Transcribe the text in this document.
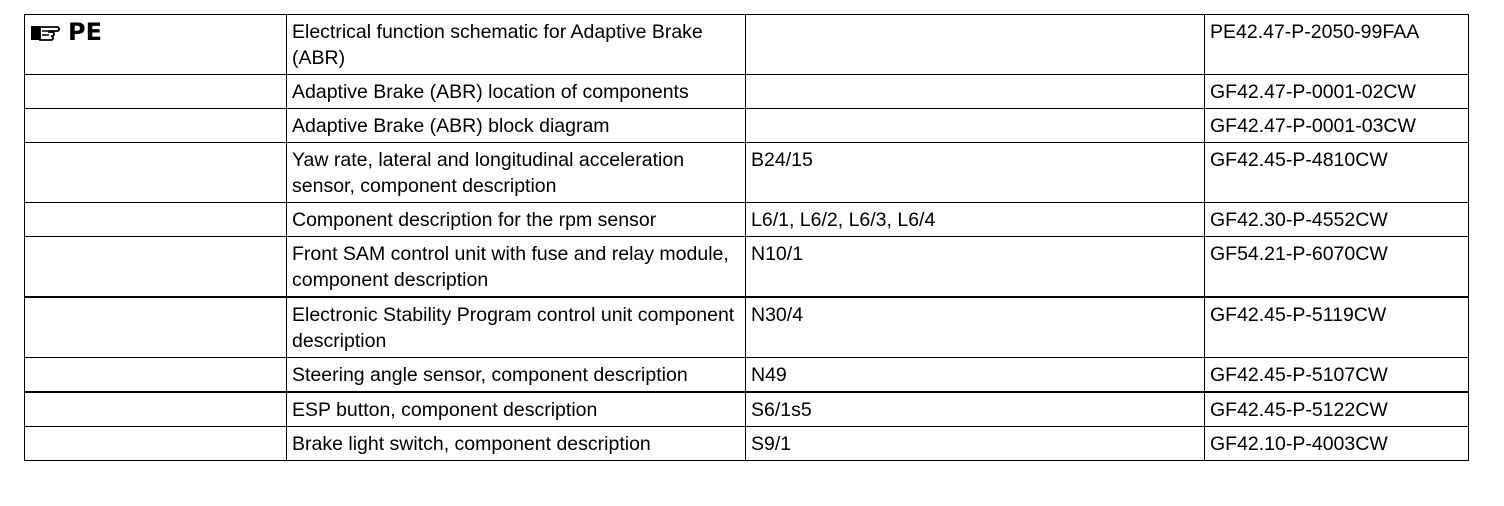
PE	Electrical function schematic for Adaptive Brake (ABR)		PE42.47-P-2050-99FAA
	Adaptive Brake (ABR) location of components		GF42.47-P-0001-02CW
	Adaptive Brake (ABR) block diagram		GF42.47-P-0001-03CW
	Yaw rate, lateral and longitudinal acceleration sensor, component description	B24/15	GF42.45-P-4810CW
	Component description for the rpm sensor	L6/1, L6/2, L6/3, L6/4	GF42.30-P-4552CW
	Front SAM control unit with fuse and relay module, component description	N10/1	GF54.21-P-6070CW
	Electronic Stability Program control unit component description	N30/4	GF42.45-P-5119CW
	Steering angle sensor, component description	N49	GF42.45-P-5107CW
	ESP button, component description	S6/1s5	GF42.45-P-5122CW
	Brake light switch, component description	S9/1	GF42.10-P-4003CW
